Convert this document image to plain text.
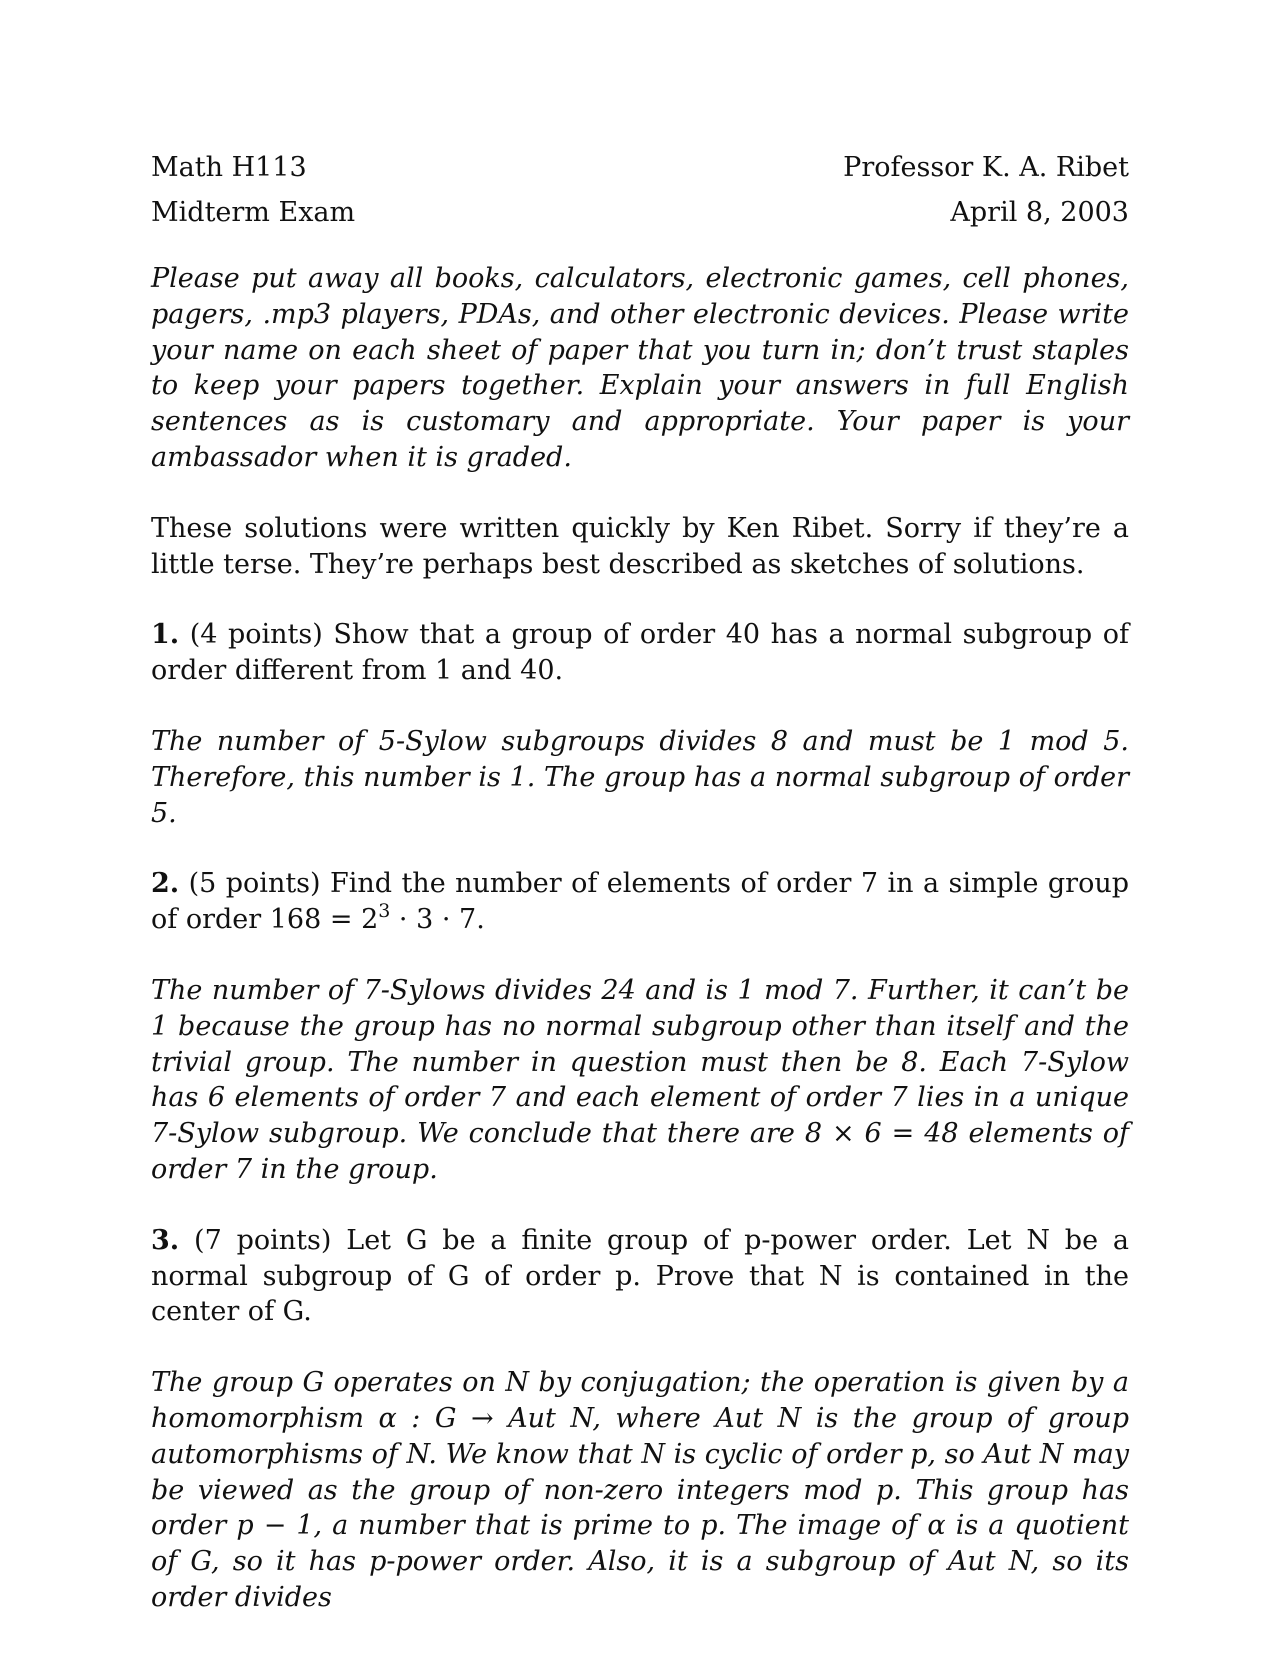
Math H113	Professor K. A. Ribet
Midterm Exam	April 8, 2003

Please put away all books, calculators, electronic games, cell phones, pagers, .mp3 players, PDAs, and other electronic devices. Please write your name on each sheet of paper that you turn in; don’t trust staples to keep your papers together. Explain your answers in full English sentences as is customary and appropriate. Your paper is your ambassador when it is graded.

These solutions were written quickly by Ken Ribet. Sorry if they’re a little terse. They’re perhaps best described as sketches of solutions.

1. (4 points) Show that a group of order 40 has a normal subgroup of order different from 1 and 40.

The number of 5-Sylow subgroups divides 8 and must be 1 mod 5. Therefore, this number is 1. The group has a normal subgroup of order 5.

2. (5 points) Find the number of elements of order 7 in a simple group of order $168 = 2^3 \cdot 3 \cdot 7$.

The number of 7-Sylows divides 24 and is 1 mod 7. Further, it can’t be 1 because the group has no normal subgroup other than itself and the trivial group. The number in question must then be 8. Each 7-Sylow has 6 elements of order 7 and each element of order 7 lies in a unique 7-Sylow subgroup. We conclude that there are 8 × 6 = 48 elements of order 7 in the group.

3. (7 points) Let G be a finite group of p-power order. Let N be a normal subgroup of G of order p. Prove that N is contained in the center of G.

The group G operates on N by conjugation; the operation is given by a homomorphism α : G → Aut N, where Aut N is the group of group automorphisms of N. We know that N is cyclic of order p, so Aut N may be viewed as the group of non-zero integers mod p. This group has order p − 1, a number that is prime to p. The image of α is a quotient of G, so it has p-power order. Also, it is a subgroup of Aut N, so its order divides
